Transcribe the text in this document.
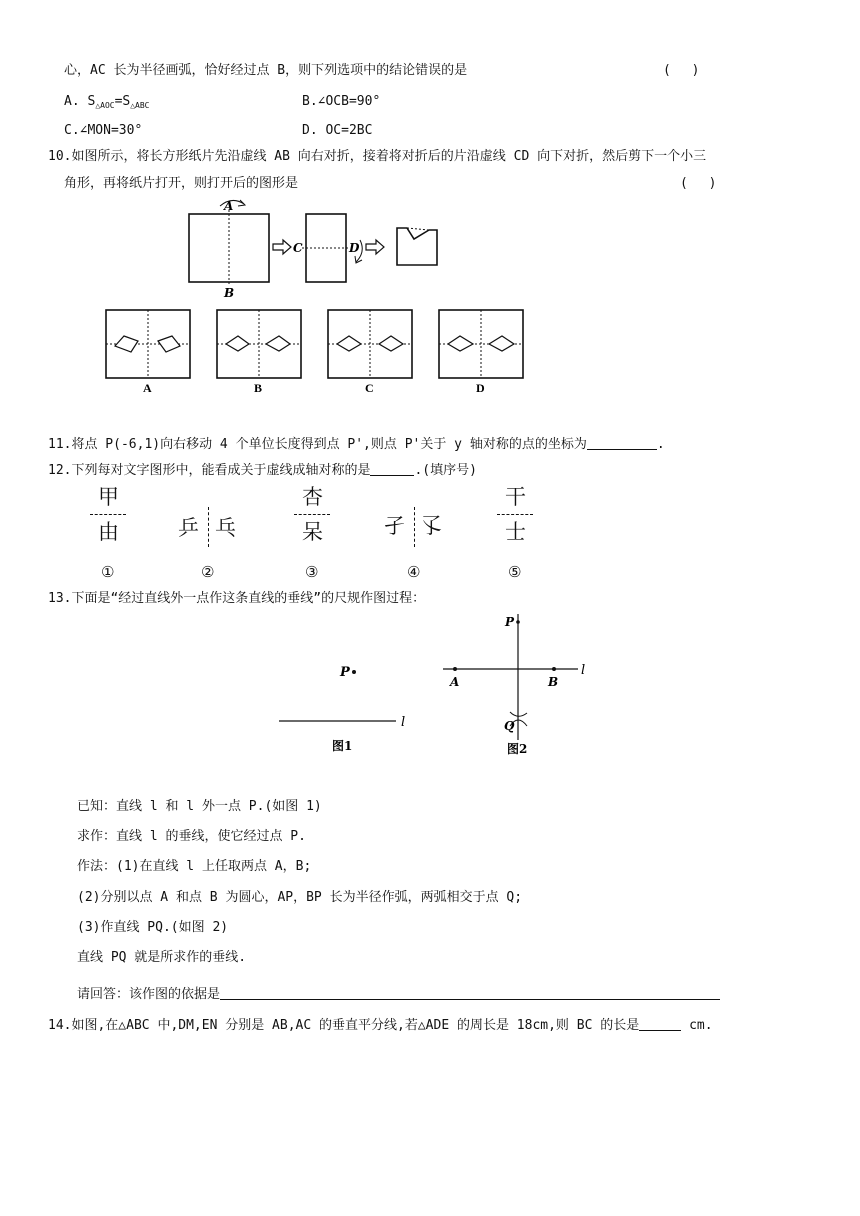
心，AC 长为半径画弧，恰好经过点 B，则下列选项中的结论错误的是	(　 )
A. $S_{\triangle AOC}=S_{\triangle ABC}$	B.∠OCB=90°
C.∠MON=30°	D. OC=2BC
10.如图所示，将长方形纸片先沿虚线 AB 向右对折，接着将对折后的片沿虚线 CD 向下对折，然后剪下一个小三
角形，再将纸片打开，则打开后的图形是	(　 )
A
B
C	D
A	B	C	D
11.将点 P(-6,1)向右移动 4 个单位长度得到点 P',则点 P'关于 y 轴对称的点的坐标为	.
12.下列每对文字图形中，能看成关于虚线成轴对称的是	.(填序号)
甲
由
①
乒 乓
②
杏
呆
③
孑 孓
④
干
士
⑤
13.下面是“经过直线外一点作这条直线的垂线”的尺规作图过程：
P
l
图1
P
l
A	B
Q
图2
已知：直线 l 和 l 外一点 P.(如图 1)
求作：直线 l 的垂线，使它经过点 P.
作法：(1)在直线 l 上任取两点 A，B;
(2)分别以点 A 和点 B 为圆心，AP，BP 长为半径作弧，两弧相交于点 Q;
(3)作直线 PQ.(如图 2)
直线 PQ 就是所求作的垂线.
请回答：该作图的依据是
14.如图,在△ABC 中,DM,EN 分别是 AB,AC 的垂直平分线,若△ADE 的周长是 18cm,则 BC 的长是	cm.
